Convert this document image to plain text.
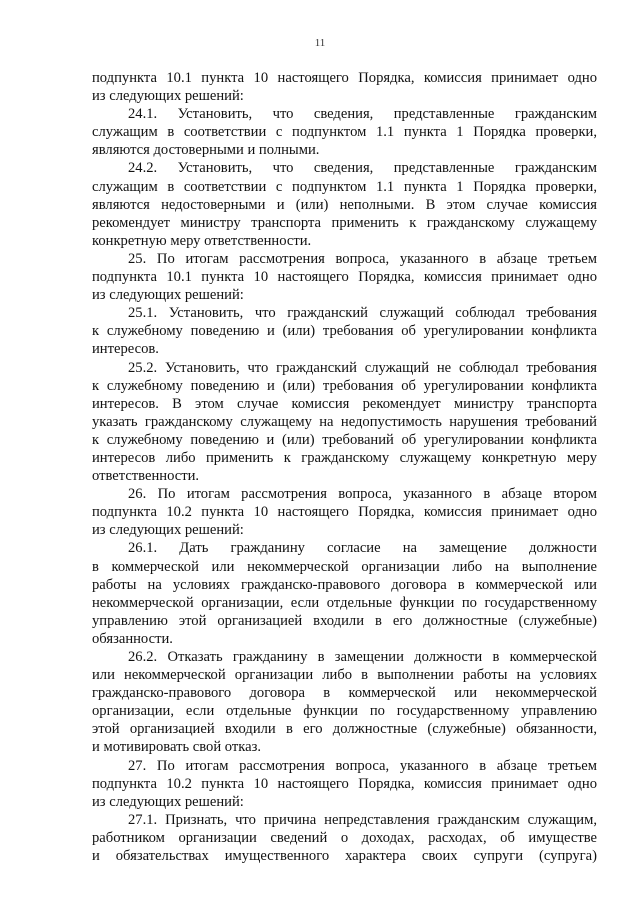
11
подпункта 10.1 пункта 10 настоящего Порядка, комиссия принимает одно
из следующих решений:
24.1. Установить, что сведения, представленные гражданским
служащим в соответствии с подпунктом 1.1 пункта 1 Порядка проверки,
являются достоверными и полными.
24.2. Установить, что сведения, представленные гражданским
служащим в соответствии с подпунктом 1.1 пункта 1 Порядка проверки,
являются недостоверными и (или) неполными. В этом случае комиссия
рекомендует министру транспорта применить к гражданскому служащему
конкретную меру ответственности.
25. По итогам рассмотрения вопроса, указанного в абзаце третьем
подпункта 10.1 пункта 10 настоящего Порядка, комиссия принимает одно
из следующих решений:
25.1. Установить, что гражданский служащий соблюдал требования
к служебному поведению и (или) требования об урегулировании конфликта
интересов.
25.2. Установить, что гражданский служащий не соблюдал требования
к служебному поведению и (или) требования об урегулировании конфликта
интересов. В этом случае комиссия рекомендует министру транспорта
указать гражданскому служащему на недопустимость нарушения требований
к служебному поведению и (или) требований об урегулировании конфликта
интересов либо применить к гражданскому служащему конкретную меру
ответственности.
26. По итогам рассмотрения вопроса, указанного в абзаце втором
подпункта 10.2 пункта 10 настоящего Порядка, комиссия принимает одно
из следующих решений:
26.1. Дать гражданину согласие на замещение должности
в коммерческой или некоммерческой организации либо на выполнение
работы на условиях гражданско-правового договора в коммерческой или
некоммерческой организации, если отдельные функции по государственному
управлению этой организацией входили в его должностные (служебные)
обязанности.
26.2. Отказать гражданину в замещении должности в коммерческой
или некоммерческой организации либо в выполнении работы на условиях
гражданско-правового договора в коммерческой или некоммерческой
организации, если отдельные функции по государственному управлению
этой организацией входили в его должностные (служебные) обязанности,
и мотивировать свой отказ.
27. По итогам рассмотрения вопроса, указанного в абзаце третьем
подпункта 10.2 пункта 10 настоящего Порядка, комиссия принимает одно
из следующих решений:
27.1. Признать, что причина непредставления гражданским служащим,
работником организации сведений о доходах, расходах, об имуществе
и обязательствах имущественного характера своих супруги (супруга)
